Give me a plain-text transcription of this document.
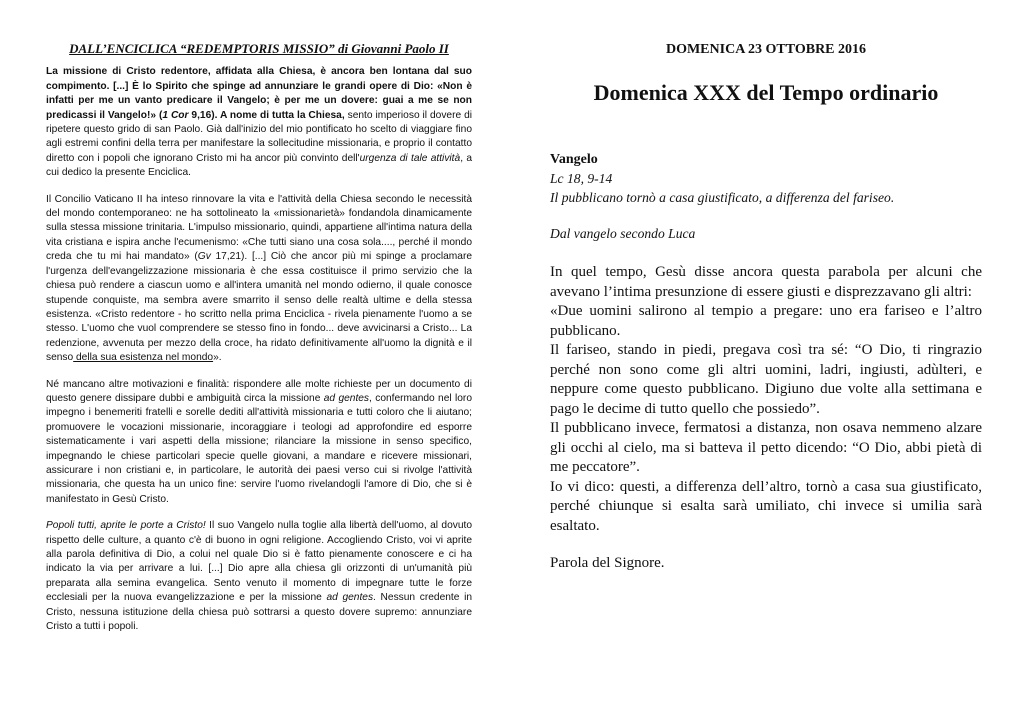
DALL’ENCICLICA “REDEMPTORIS MISSIO” di Giovanni Paolo II

La missione di Cristo redentore, affidata alla Chiesa, è ancora ben lontana dal suo compimento. [...] È lo Spirito che spinge ad annunziare le grandi opere di Dio: «Non è infatti per me un vanto predicare il Vangelo; è per me un dovere: guai a me se non predicassi il Vangelo!» (1 Cor 9,16). A nome di tutta la Chiesa, sento imperioso il dovere di ripetere questo grido di san Paolo. Già dall'inizio del mio pontificato ho scelto di viaggiare fino agli estremi confini della terra per manifestare la sollecitudine missionaria, e proprio il contatto diretto con i popoli che ignorano Cristo mi ha ancor più convinto dell'urgenza di tale attività, a cui dedico la presente Enciclica.

Il Concilio Vaticano II ha inteso rinnovare la vita e l'attività della Chiesa secondo le necessità del mondo contemporaneo: ne ha sottolineato la «missionarietà» fondandola dinamicamente sulla stessa missione trinitaria. L'impulso missionario, quindi, appartiene all'intima natura della vita cristiana e ispira anche l'ecumenismo: «Che tutti siano una cosa sola...., perché il mondo creda che tu mi hai mandato» (Gv 17,21). [...] Ciò che ancor più mi spinge a proclamare l'urgenza dell'evangelizzazione missionaria è che essa costituisce il primo servizio che la chiesa può rendere a ciascun uomo e all'intera umanità nel mondo odierno, il quale conosce stupende conquiste, ma sembra avere smarrito il senso delle realtà ultime e della stessa esistenza. «Cristo redentore - ho scritto nella prima Enciclica - rivela pienamente l'uomo a se stesso. L'uomo che vuol comprendere se stesso fino in fondo... deve avvicinarsi a Cristo... La redenzione, avvenuta per mezzo della croce, ha ridato definitivamente all'uomo la dignità e il senso della sua esistenza nel mondo».

Né mancano altre motivazioni e finalità: rispondere alle molte richieste per un documento di questo genere dissipare dubbi e ambiguità circa la missione ad gentes, confermando nel loro impegno i benemeriti fratelli e sorelle dediti all'attività missionaria e tutti coloro che li aiutano; promuovere le vocazioni missionarie, incoraggiare i teologi ad approfondire ed esporre sistematicamente i vari aspetti della missione; rilanciare la missione in senso specifico, impegnando le chiese particolari specie quelle giovani, a mandare e ricevere missionari, assicurare i non cristiani e, in particolare, le autorità dei paesi verso cui si rivolge l'attività missionaria, che questa ha un unico fine: servire l'uomo rivelandogli l'amore di Dio, che si è manifestato in Gesù Cristo.

Popoli tutti, aprite le porte a Cristo! Il suo Vangelo nulla toglie alla libertà dell'uomo, al dovuto rispetto delle culture, a quanto c'è di buono in ogni religione. Accogliendo Cristo, voi vi aprite alla parola definitiva di Dio, a colui nel quale Dio si è fatto pienamente conoscere e ci ha indicato la via per arrivare a lui. [...] Dio apre alla chiesa gli orizzonti di un'umanità più preparata alla semina evangelica. Sento venuto il momento di impegnare tutte le forze ecclesiali per la nuova evangelizzazione e per la missione ad gentes. Nessun credente in Cristo, nessuna istituzione della chiesa può sottrarsi a questo dovere supremo: annunziare Cristo a tutti i popoli.

DOMENICA 23 OTTOBRE 2016
Domenica XXX del Tempo ordinario

Vangelo

Lc 18, 9-14

Il pubblicano tornò a casa giustificato, a differenza del fariseo.

Dal vangelo secondo Luca

In quel tempo, Gesù disse ancora questa parabola per alcuni che avevano l’intima presunzione di essere giusti e disprezzavano gli altri:

«Due uomini salirono al tempio a pregare: uno era fariseo e l’altro pubblicano.

Il fariseo, stando in piedi, pregava così tra sé: “O Dio, ti ringrazio perché non sono come gli altri uomini, ladri, ingiusti, adùlteri, e neppure come questo pubblicano. Digiuno due volte alla settimana e pago le decime di tutto quello che possiedo”.

Il pubblicano invece, fermatosi a distanza, non osava nemmeno alzare gli occhi al cielo, ma si batteva il petto dicendo: “O Dio, abbi pietà di me peccatore”.

Io vi dico: questi, a differenza dell’altro, tornò a casa sua giustificato, perché chiunque si esalta sarà umiliato, chi invece si umilia sarà esaltato.

Parola del Signore.
